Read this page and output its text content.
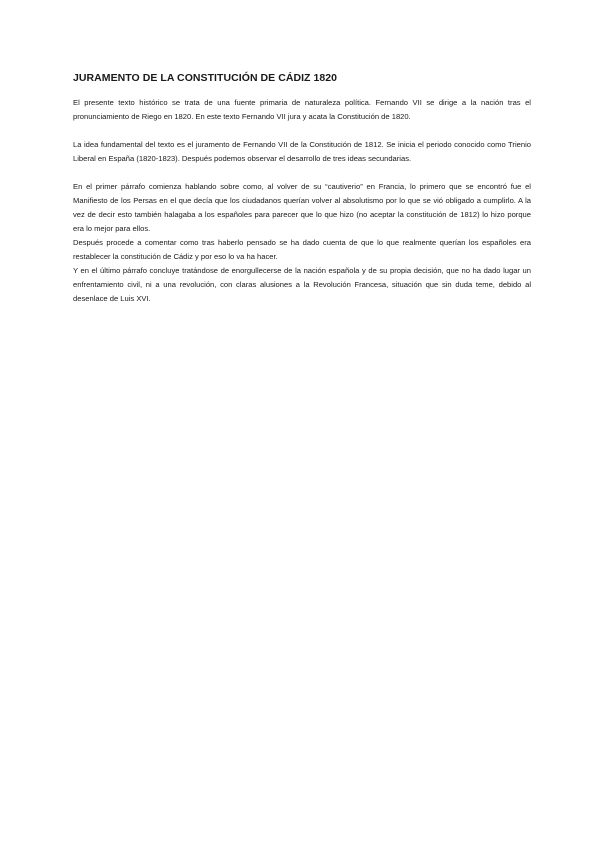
JURAMENTO DE LA CONSTITUCIÓN DE CÁDIZ 1820

El presente texto histórico se trata de una fuente primaria de naturaleza política. Fernando VII se dirige a la nación tras el pronunciamiento de Riego en 1820. En este texto Fernando VII jura y acata la Constitución de 1820.

La idea fundamental del texto es el juramento de Fernando VII de la Constitución de 1812. Se inicia el periodo conocido como Trienio Liberal en España (1820-1823). Después podemos observar el desarrollo de tres ideas secundarias.

En el primer párrafo comienza hablando sobre como, al volver de su “cautiverio” en Francia, lo primero que se encontró fue el Manifiesto de los Persas en el que decía que los ciudadanos querían volver al absolutismo por lo que se vió obligado a cumplirlo. A la vez de decir esto también halagaba a los españoles para parecer que lo que hizo (no aceptar la constitución de 1812) lo hizo porque era lo mejor para ellos.

Después procede a comentar como tras haberlo pensado se ha dado cuenta de que lo que realmente querían los españoles era restablecer la constitución de Cádiz y por eso lo va ha hacer.

Y en el último párrafo concluye tratándose de enorgullecerse de la nación española y de su propia decisión, que no ha dado lugar un enfrentamiento civil, ni a una revolución, con claras alusiones a la Revolución Francesa, situación que sin duda teme, debido al desenlace de Luis XVI.
